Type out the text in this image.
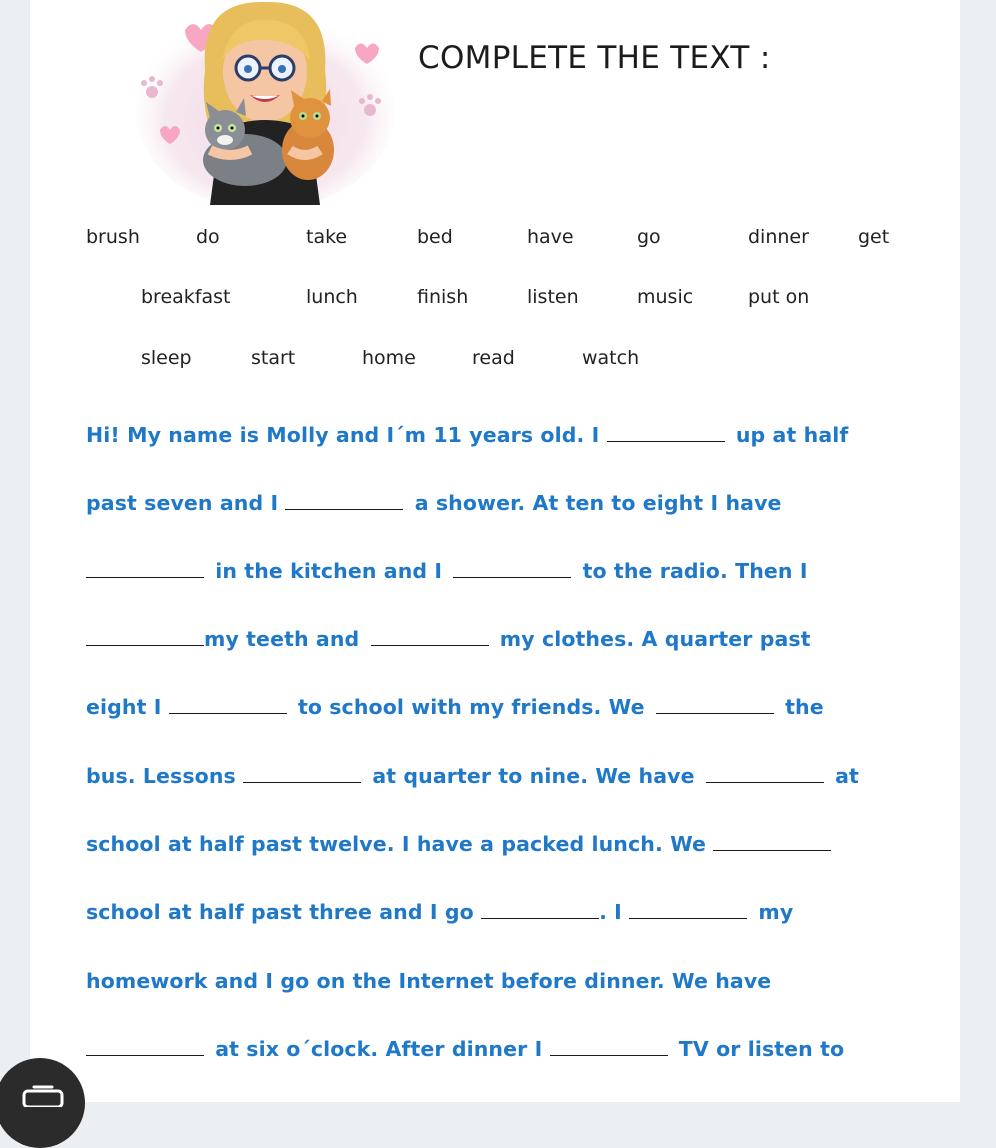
COMPLETE THE TEXT :
brush	do	take	bed	have	go	dinner	get
breakfast	lunch	finish	listen	music	put on
sleep	start	home	read	watch
Hi! My name is Molly and I´m 11 years old. I	up at half
past seven and I	a shower. At ten to eight I have
in the kitchen and I	to the radio. Then I
my teeth and	my clothes. A quarter past
eight I	to school with my friends. We	the
bus. Lessons	at quarter to nine. We have	at
school at half past twelve. I have a packed lunch. We
school at half past three and I go	. I	my
homework and I go on the Internet before dinner. We have
at six o´clock. After dinner I	TV or listen to
